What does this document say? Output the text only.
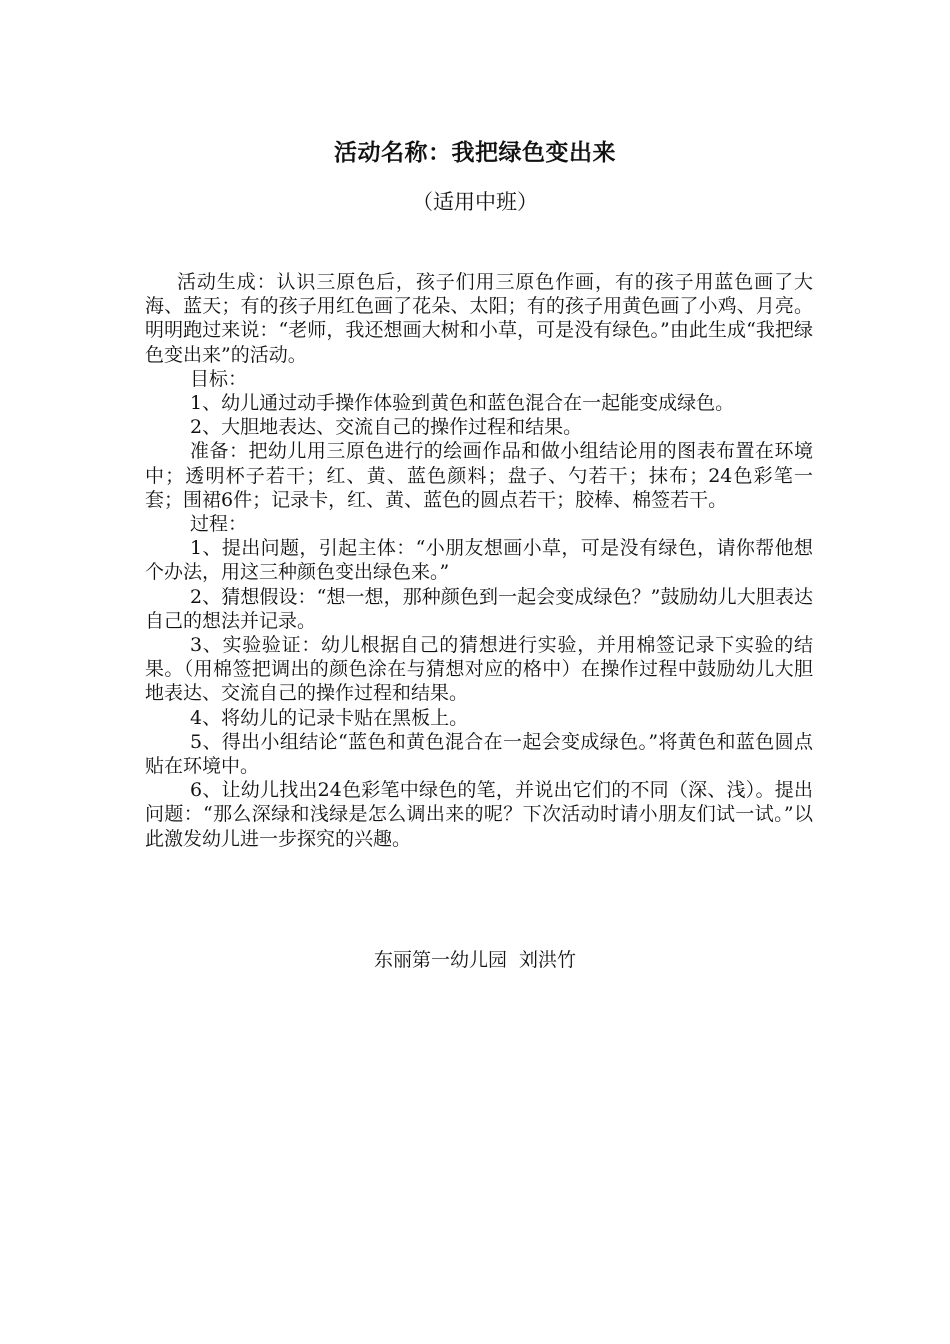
活动名称：我把绿色变出来
（适用中班）

活动生成：认识三原色后，孩子们用三原色作画，有的孩子用蓝色画了大海、蓝天；有的孩子用红色画了花朵、太阳；有的孩子用黄色画了小鸡、月亮。明明跑过来说：“老师，我还想画大树和小草，可是没有绿色。”由此生成“我把绿色变出来”的活动。

目标：

1、幼儿通过动手操作体验到黄色和蓝色混合在一起能变成绿色。

2、大胆地表达、交流自己的操作过程和结果。

准备：把幼儿用三原色进行的绘画作品和做小组结论用的图表布置在环境中；透明杯子若干；红、黄、蓝色颜料；盘子、勺若干；抹布；24色彩笔一套；围裙6件；记录卡，红、黄、蓝色的圆点若干；胶棒、棉签若干。

过程：

1、提出问题，引起主体：“小朋友想画小草，可是没有绿色，请你帮他想个办法，用这三种颜色变出绿色来。”

2、猜想假设：“想一想，那种颜色到一起会变成绿色？”鼓励幼儿大胆表达自己的想法并记录。

3、实验验证：幼儿根据自己的猜想进行实验，并用棉签记录下实验的结果。（用棉签把调出的颜色涂在与猜想对应的格中）在操作过程中鼓励幼儿大胆地表达、交流自己的操作过程和结果。

4、将幼儿的记录卡贴在黑板上。

5、得出小组结论“蓝色和黄色混合在一起会变成绿色。”将黄色和蓝色圆点贴在环境中。

6、让幼儿找出24色彩笔中绿色的笔，并说出它们的不同（深、浅）。提出问题：“那么深绿和浅绿是怎么调出来的呢？下次活动时请小朋友们试一试。”以此激发幼儿进一步探究的兴趣。

东丽第一幼儿园  刘洪竹
